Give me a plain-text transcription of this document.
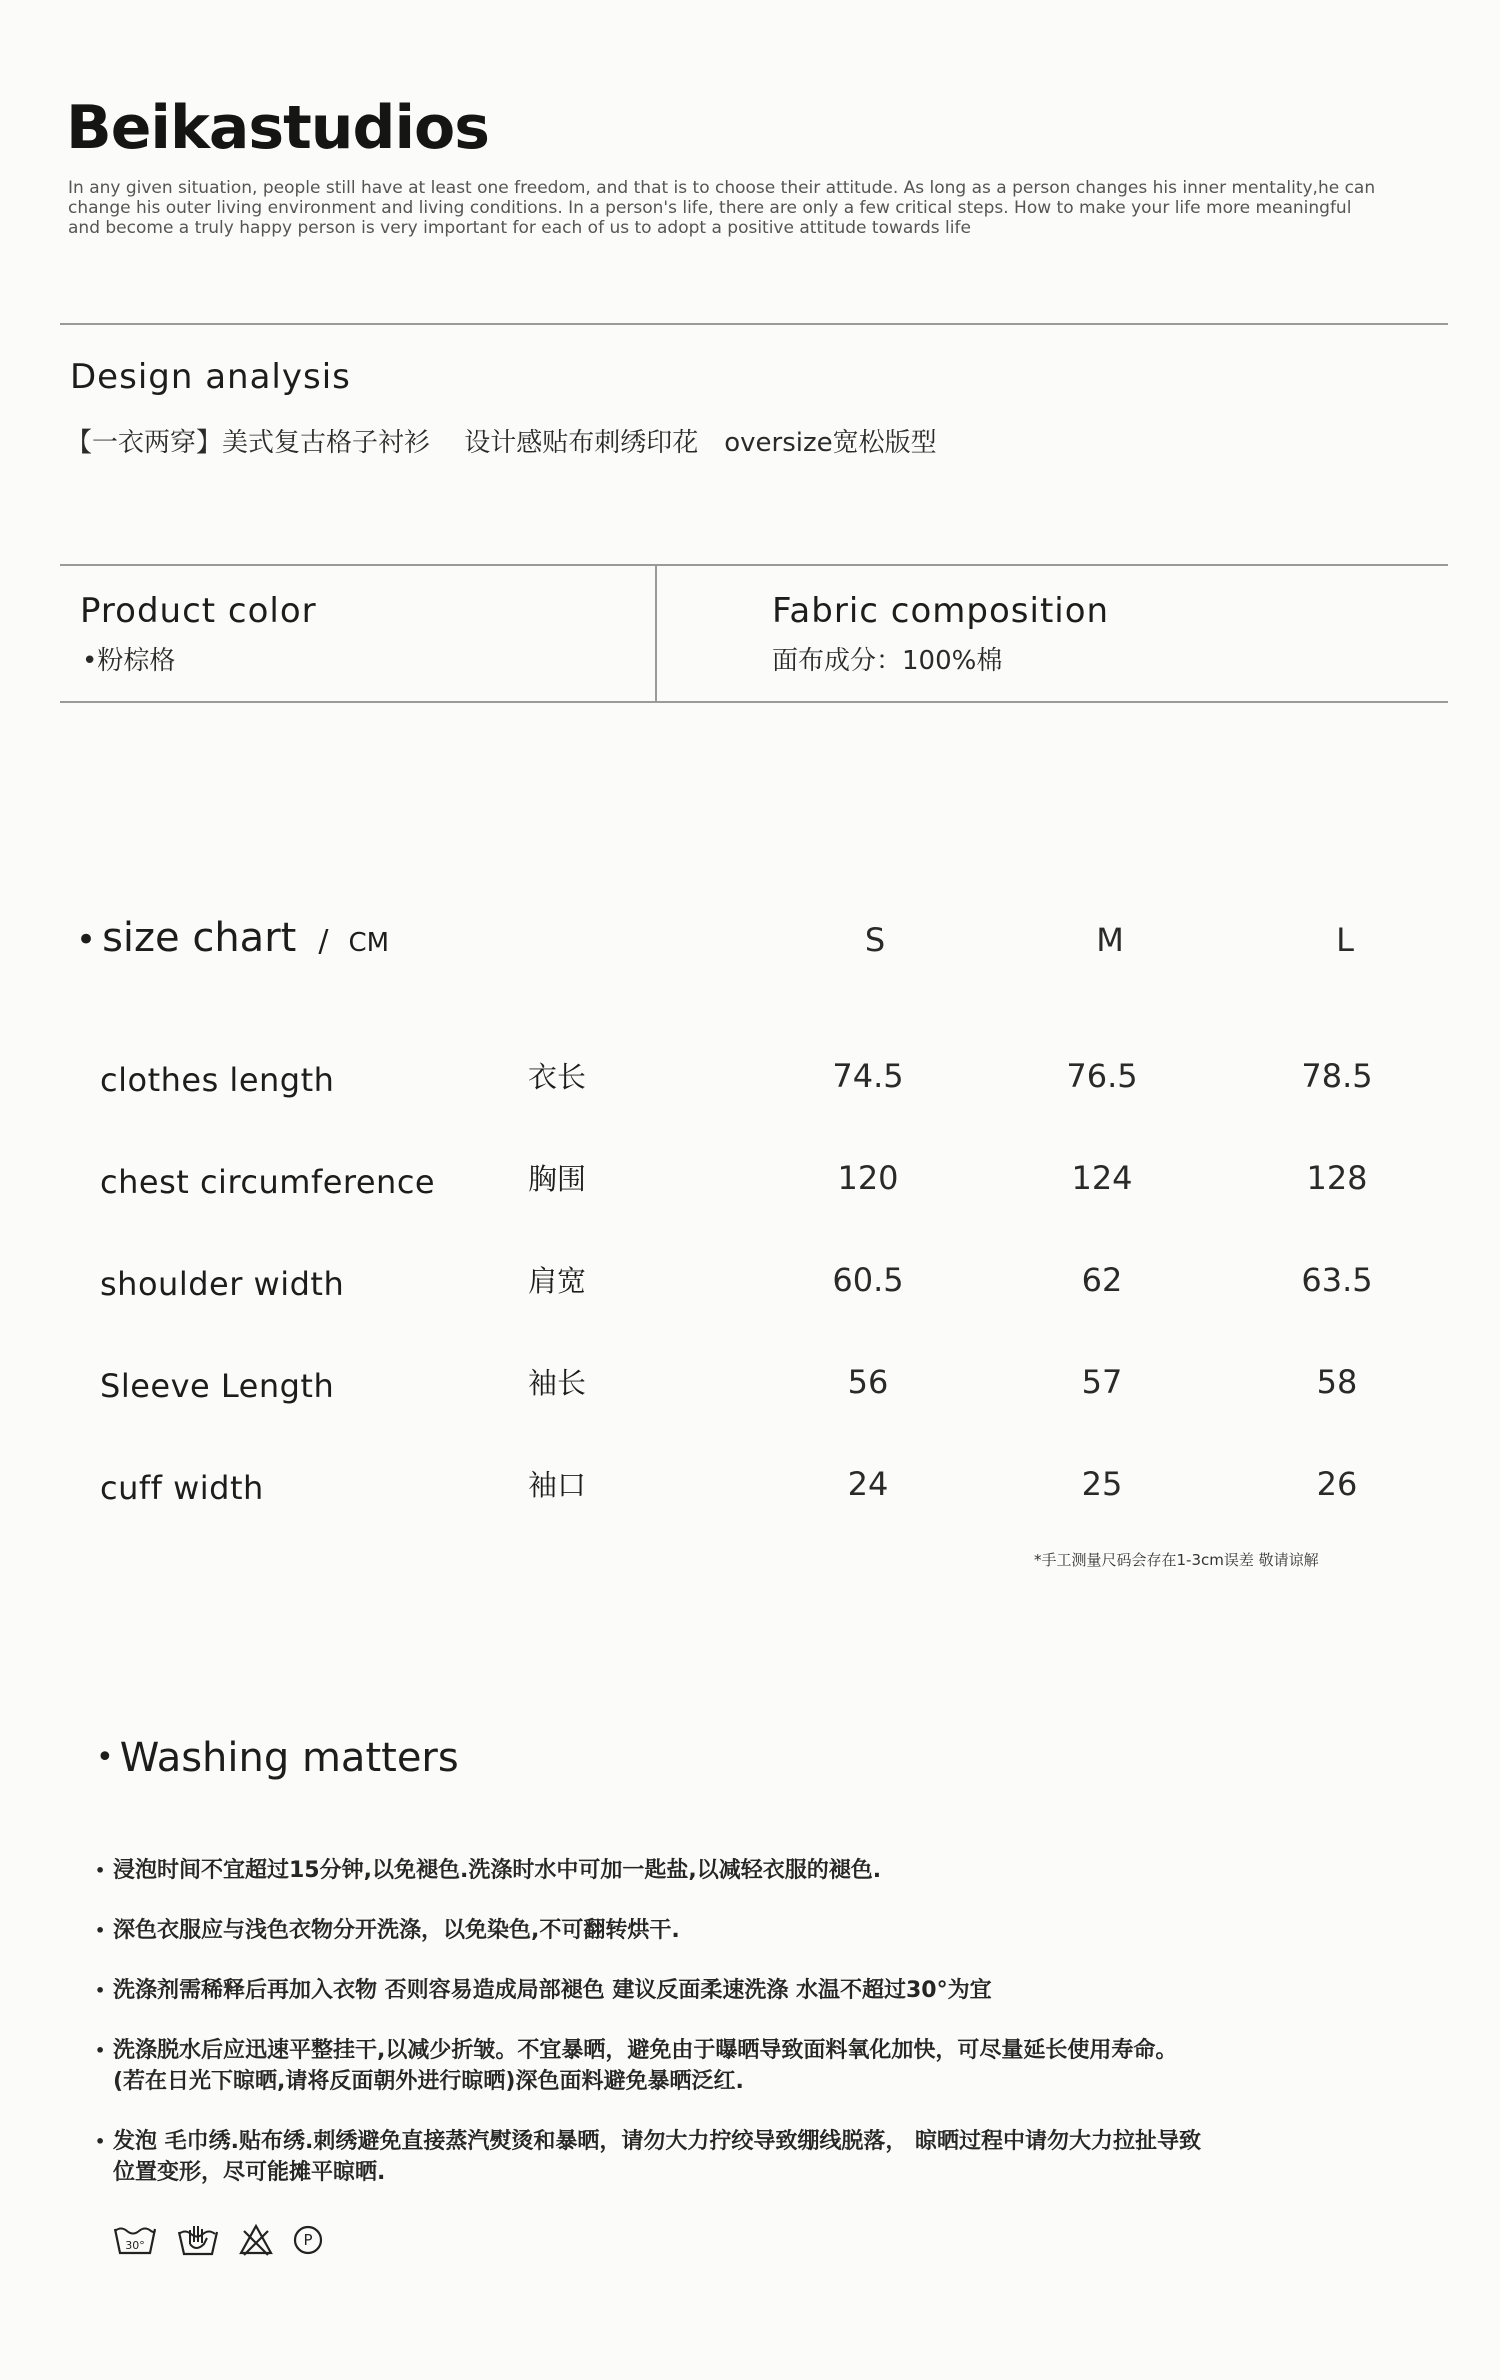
Beikastudios
In any given situation, people still have at least one freedom, and that is to choose their attitude. As long as a person changes his inner mentality,he can change his outer living environment and living conditions. In a person's life, there are only a few critical steps. How to make your life more meaningful and become a truly happy person is very important for each of us to adopt a positive attitude towards life
Design analysis
【一衣两穿】美式复古格子衬衫　 设计感贴布刺绣印花　oversize宽松版型
Product color
•粉棕格
Fabric composition
面布成分：100%棉
• size chart / CM	S	M	L
clothes length	衣长	74.5	76.5	78.5
chest circumference	胸围	120	124	128
shoulder width	肩宽	60.5	62	63.5
Sleeve Length	袖长	56	57	58
cuff width	袖口	24	25	26
*手工测量尺码会存在1-3cm误差 敬请谅解
• Washing matters
• 浸泡时间不宜超过15分钟,以免褪色.洗涤时水中可加一匙盐,以减轻衣服的褪色.
• 深色衣服应与浅色衣物分开洗涤，以免染色,不可翻转烘干.
• 洗涤剂需稀释后再加入衣物 否则容易造成局部褪色 建议反面柔速洗涤 水温不超过30°为宜
• 洗涤脱水后应迅速平整挂干,以减少折皱。不宜暴晒，避免由于曝晒导致面料氧化加快，可尽量延长使用寿命。
(若在日光下晾晒,请将反面朝外进行晾晒)深色面料避免暴晒泛红.
• 发泡 毛巾绣.贴布绣.刺绣避免直接蒸汽熨烫和暴晒，请勿大力拧绞导致绷线脱落， 晾晒过程中请勿大力拉扯导致
位置变形，尽可能摊平晾晒.
30°	P
